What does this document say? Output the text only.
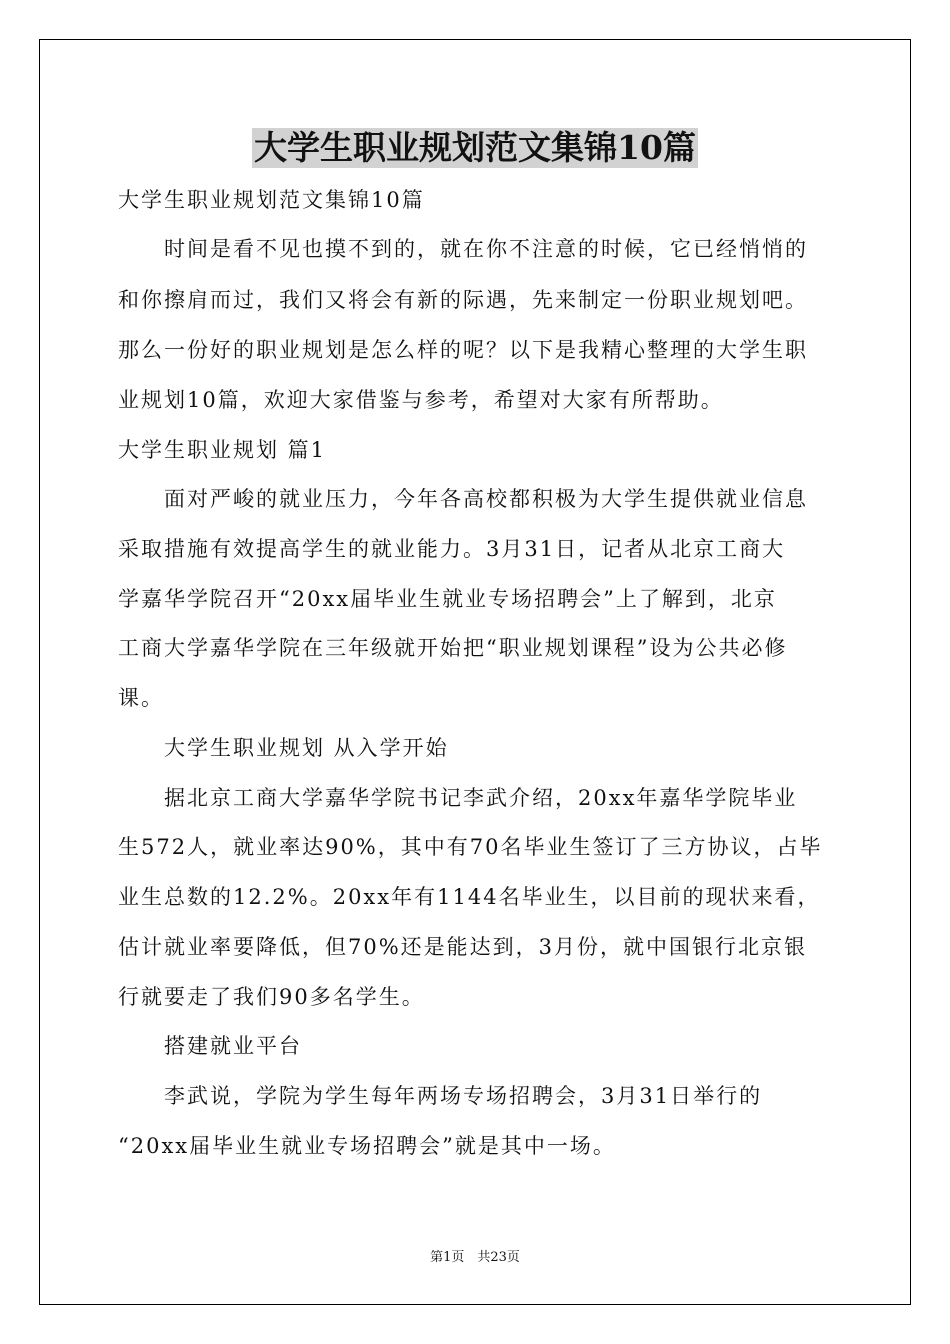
大学生职业规划范文集锦10篇
大学生职业规划范文集锦10篇
　　时间是看不见也摸不到的，就在你不注意的时候，它已经悄悄的
和你擦肩而过，我们又将会有新的际遇，先来制定一份职业规划吧。
那么一份好的职业规划是怎么样的呢？以下是我精心整理的大学生职
业规划10篇，欢迎大家借鉴与参考，希望对大家有所帮助。
大学生职业规划 篇1
　　面对严峻的就业压力，今年各高校都积极为大学生提供就业信息
采取措施有效提高学生的就业能力。3月31日，记者从北京工商大
学嘉华学院召开“20xx届毕业生就业专场招聘会”上了解到，北京
工商大学嘉华学院在三年级就开始把“职业规划课程”设为公共必修
课。
　　大学生职业规划 从入学开始
　　据北京工商大学嘉华学院书记李武介绍，20xx年嘉华学院毕业
生572人，就业率达90%，其中有70名毕业生签订了三方协议，占毕
业生总数的12.2%。20xx年有1144名毕业生，以目前的现状来看，
估计就业率要降低，但70%还是能达到，3月份，就中国银行北京银
行就要走了我们90多名学生。
　　搭建就业平台
　　李武说，学院为学生每年两场专场招聘会，3月31日举行的
“20xx届毕业生就业专场招聘会”就是其中一场。
第1页　共23页
